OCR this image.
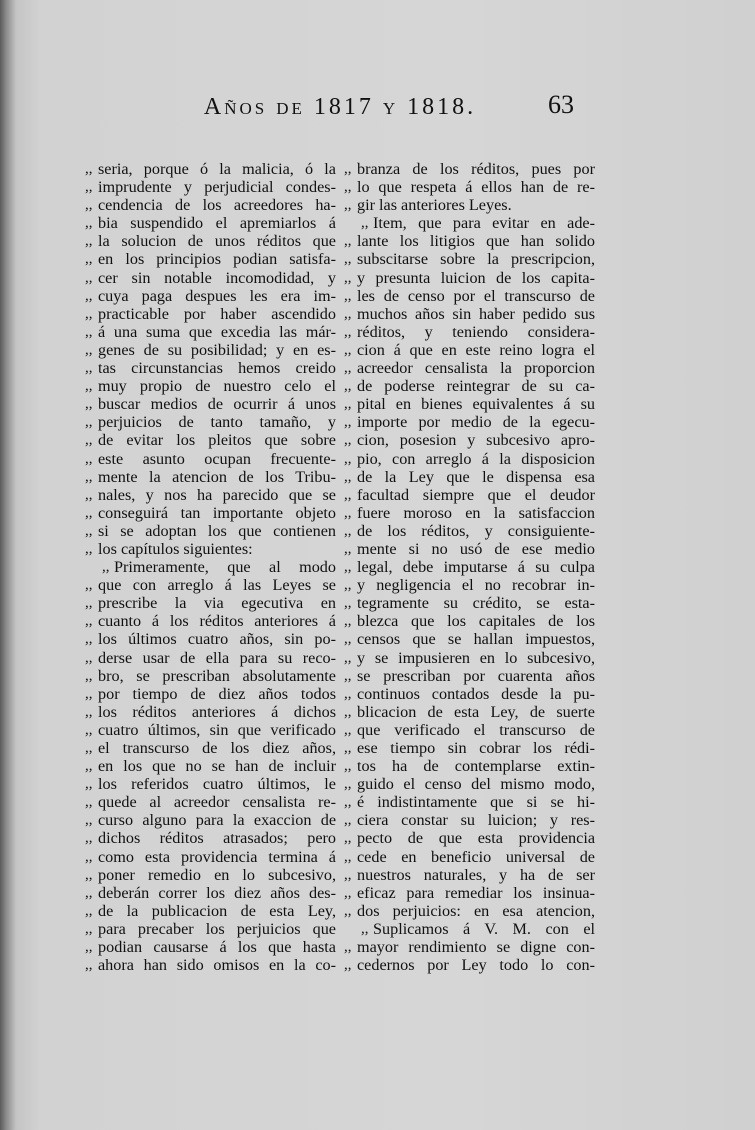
Años de 1817 y 1818.	63
,, seria, porque ó la malicia, ó la
,, imprudente y perjudicial condes-
,, cendencia de los acreedores ha-
,, bia suspendido el apremiarlos á
,, la solucion de unos réditos que
,, en los principios podian satisfa-
,, cer sin notable incomodidad, y
,, cuya paga despues les era im-
,, practicable por haber ascendido
,, á una suma que excedia las már-
,, genes de su posibilidad; y en es-
,, tas circunstancias hemos creido
,, muy propio de nuestro celo el
,, buscar medios de ocurrir á unos
,, perjuicios de tanto tamaño, y
,, de evitar los pleitos que sobre
,, este asunto ocupan frecuente-
,, mente la atencion de los Tribu-
,, nales, y nos ha parecido que se
,, conseguirá tan importante objeto
,, si se adoptan los que contienen
,, los capítulos siguientes:
,, Primeramente, que al modo
,, que con arreglo á las Leyes se
,, prescribe la via egecutiva en
,, cuanto á los réditos anteriores á
,, los últimos cuatro años, sin po-
,, derse usar de ella para su reco-
,, bro, se prescriban absolutamente
,, por tiempo de diez años todos
,, los réditos anteriores á dichos
,, cuatro últimos, sin que verificado
,, el transcurso de los diez años,
,, en los que no se han de incluir
,, los referidos cuatro últimos, le
,, quede al acreedor censalista re-
,, curso alguno para la exaccion de
,, dichos réditos atrasados; pero
,, como esta providencia termina á
,, poner remedio en lo subcesivo,
,, deberán correr los diez años des-
,, de la publicacion de esta Ley,
,, para precaber los perjuicios que
,, podian causarse á los que hasta
,, ahora han sido omisos en la co-
,, branza de los réditos, pues por
,, lo que respeta á ellos han de re-
,, gir las anteriores Leyes.
,, Item, que para evitar en ade-
,, lante los litigios que han solido
,, subscitarse sobre la prescripcion,
,, y presunta luicion de los capita-
,, les de censo por el transcurso de
,, muchos años sin haber pedido sus
,, réditos, y teniendo considera-
,, cion á que en este reino logra el
,, acreedor censalista la proporcion
,, de poderse reintegrar de su ca-
,, pital en bienes equivalentes á su
,, importe por medio de la egecu-
,, cion, posesion y subcesivo apro-
,, pio, con arreglo á la disposicion
,, de la Ley que le dispensa esa
,, facultad siempre que el deudor
,, fuere moroso en la satisfaccion
,, de los réditos, y consiguiente-
,, mente si no usó de ese medio
,, legal, debe imputarse á su culpa
,, y negligencia el no recobrar in-
,, tegramente su crédito, se esta-
,, blezca que los capitales de los
,, censos que se hallan impuestos,
,, y se impusieren en lo subcesivo,
,, se prescriban por cuarenta años
,, continuos contados desde la pu-
,, blicacion de esta Ley, de suerte
,, que verificado el transcurso de
,, ese tiempo sin cobrar los rédi-
,, tos ha de contemplarse extin-
,, guido el censo del mismo modo,
,, é indistintamente que si se hi-
,, ciera constar su luicion; y res-
,, pecto de que esta providencia
,, cede en beneficio universal de
,, nuestros naturales, y ha de ser
,, eficaz para remediar los insinua-
,, dos perjuicios: en esa atencion,
,, Suplicamos á V. M. con el
,, mayor rendimiento se digne con-
,, cedernos por Ley todo lo con-
